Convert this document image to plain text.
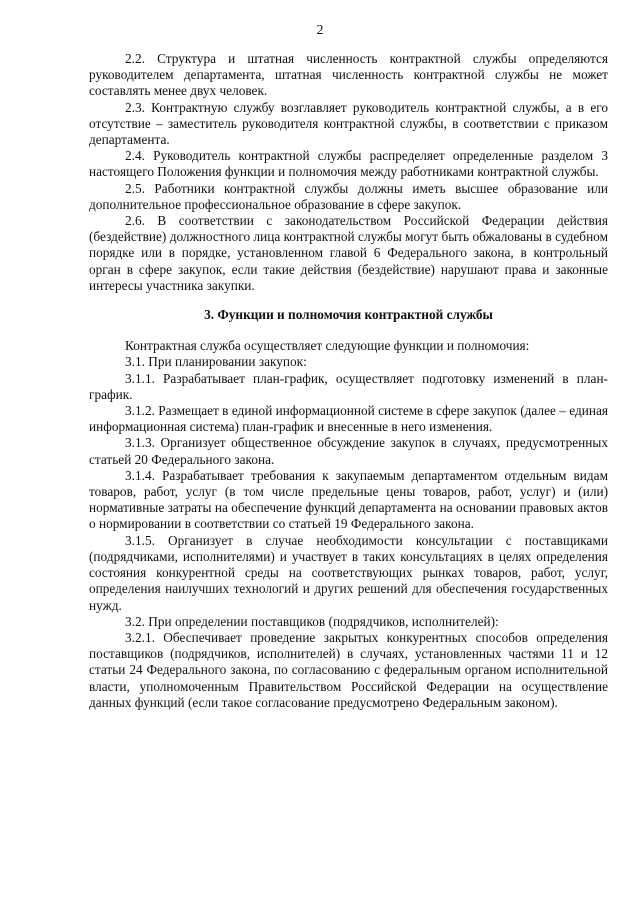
2

2.2. Структура и штатная численность контрактной службы определяются руководителем департамента, штатная численность контрактной службы не может составлять менее двух человек.

2.3. Контрактную службу возглавляет руководитель контрактной службы, а в его отсутствие – заместитель руководителя контрактной службы, в соответствии с приказом департамента.

2.4. Руководитель контрактной службы распределяет определенные разделом 3 настоящего Положения функции и полномочия между работниками контрактной службы.

2.5. Работники контрактной службы должны иметь высшее образование или дополнительное профессиональное образование в сфере закупок.

2.6. В соответствии с законодательством Российской Федерации действия (бездействие) должностного лица контрактной службы могут быть обжалованы в судебном порядке или в порядке, установленном главой 6 Федерального закона, в контрольный орган в сфере закупок, если такие действия (бездействие) нарушают права и законные интересы участника закупки.

3. Функции и полномочия контрактной службы

Контрактная служба осуществляет следующие функции и полномочия:

3.1. При планировании закупок:

3.1.1. Разрабатывает план-график, осуществляет подготовку изменений в план-график.

3.1.2. Размещает в единой информационной системе в сфере закупок (далее – единая информационная система) план-график и внесенные в него изменения.

3.1.3. Организует общественное обсуждение закупок в случаях, предусмотренных статьей 20 Федерального закона.

3.1.4. Разрабатывает требования к закупаемым департаментом отдельным видам товаров, работ, услуг (в том числе предельные цены товаров, работ, услуг) и (или) нормативные затраты на обеспечение функций департамента на основании правовых актов о нормировании в соответствии со статьей 19 Федерального закона.

3.1.5. Организует в случае необходимости консультации с поставщиками (подрядчиками, исполнителями) и участвует в таких консультациях в целях определения состояния конкурентной среды на соответствующих рынках товаров, работ, услуг, определения наилучших технологий и других решений для обеспечения государственных нужд.

3.2. При определении поставщиков (подрядчиков, исполнителей):

3.2.1. Обеспечивает проведение закрытых конкурентных способов определения поставщиков (подрядчиков, исполнителей) в случаях, установленных частями 11 и 12 статьи 24 Федерального закона, по согласованию с федеральным органом исполнительной власти, уполномоченным Правительством Российской Федерации на осуществление данных функций (если такое согласование предусмотрено Федеральным законом).
